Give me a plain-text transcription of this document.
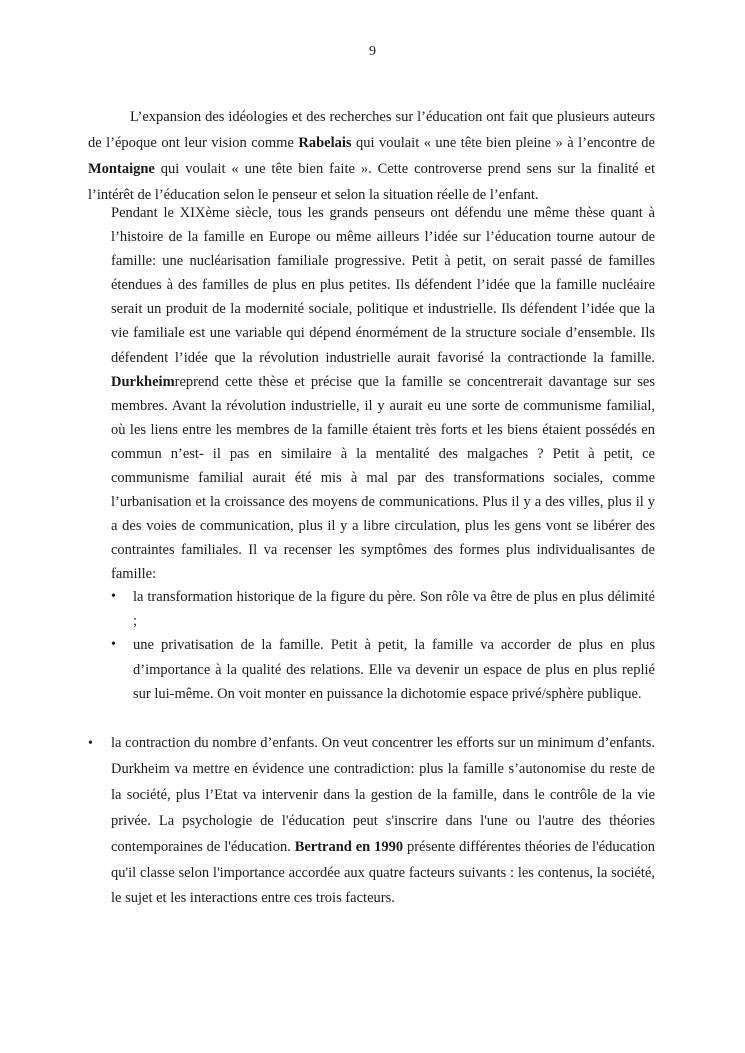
9

L’expansion des idéologies et des recherches sur l’éducation ont fait que plusieurs auteurs de l’époque ont leur vision comme Rabelais qui voulait « une tête bien pleine » à l’encontre de Montaigne qui voulait « une tête bien faite ». Cette controverse prend sens sur la finalité et l’intérêt de l’éducation selon le penseur et selon la situation réelle de l’enfant.

Pendant le XIXème siècle, tous les grands penseurs ont défendu une même thèse quant à l’histoire de la famille en Europe ou même ailleurs l’idée sur l’éducation tourne autour de famille: une nucléarisation familiale progressive. Petit à petit, on serait passé de familles étendues à des familles de plus en plus petites. Ils défendent l’idée que la famille nucléaire serait un produit de la modernité sociale, politique et industrielle. Ils défendent l’idée que la vie familiale est une variable qui dépend énormément de la structure sociale d’ensemble. Ils défendent l’idée que la révolution industrielle aurait favorisé la contractionde la famille. Durkheimreprend cette thèse et précise que la famille se concentrerait davantage sur ses membres. Avant la révolution industrielle, il y aurait eu une sorte de communisme familial, où les liens entre les membres de la famille étaient très forts et les biens étaient possédés en commun n’est- il pas en similaire à la mentalité des malgaches ? Petit à petit, ce communisme familial aurait été mis à mal par des transformations sociales, comme l’urbanisation et la croissance des moyens de communications. Plus il y a des villes, plus il y a des voies de communication, plus il y a libre circulation, plus les gens vont se libérer des contraintes familiales. Il va recenser les symptômes des formes plus individualisantes de famille:

• la transformation historique de la figure du père. Son rôle va être de plus en plus délimité ;
• une privatisation de la famille. Petit à petit, la famille va accorder de plus en plus d’importance à la qualité des relations. Elle va devenir un espace de plus en plus replié sur lui-même. On voit monter en puissance la dichotomie espace privé/sphère publique.
• la contraction du nombre d’enfants. On veut concentrer les efforts sur un minimum d’enfants. Durkheim va mettre en évidence une contradiction: plus la famille s’autonomise du reste de la société, plus l’Etat va intervenir dans la gestion de la famille, dans le contrôle de la vie privée. La psychologie de l'éducation peut s'inscrire dans l'une ou l'autre des théories contemporaines de l'éducation. Bertrand en 1990 présente différentes théories de l'éducation qu'il classe selon l'importance accordée aux quatre facteurs suivants : les contenus, la société, le sujet et les interactions entre ces trois facteurs.
